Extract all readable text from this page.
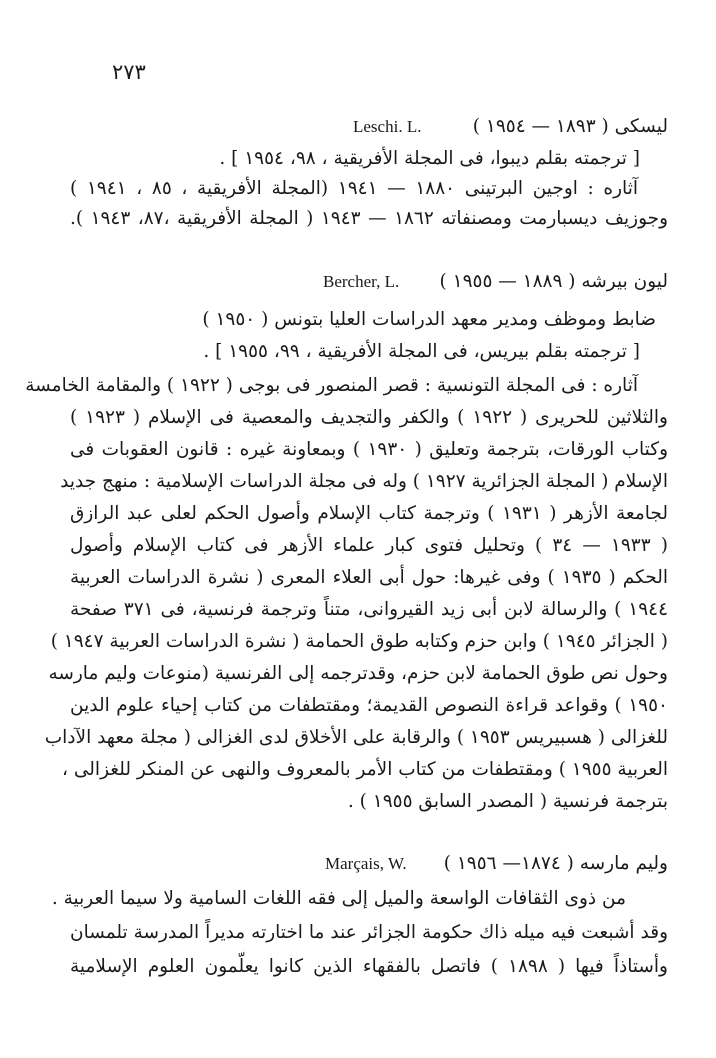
٢٧٣
ليسكى ( ١٨٩٣ — ١٩٥٤ )
Leschi. L.
[ ترجمته بقلم ديبوا، فى المجلة الأفريقية ، ٩٨، ١٩٥٤ ] .
آثاره : اوجين البرتينى ١٨٨٠ — ١٩٤١ (المجلة الأفريقية ، ٨٥ ، ١٩٤١ )
وجوزيف ديسبارمت ومصنفاته ١٨٦٢ — ١٩٤٣ ( المجلة الأفريقية ،٨٧، ١٩٤٣ ).
ليون بيرشه ( ١٨٨٩ — ١٩٥٥ )
Bercher, L.
ضابط وموظف ومدير معهد الدراسات العليا بتونس ( ١٩٥٠ )
[ ترجمته بقلم بيريس، فى المجلة الأفريقية ، ٩٩، ١٩٥٥ ] .
آثاره : فى المجلة التونسية : قصر المنصور فى بوجى ( ١٩٢٢ ) والمقامة الخامسة
والثلاثين للحريرى ( ١٩٢٢ ) والكفر والتجديف والمعصية فى الإسلام ( ١٩٢٣ )
وكتاب الورقات، بترجمة وتعليق ( ١٩٣٠ ) وبمعاونة غيره : قانون العقوبات فى
الإسلام ( المجلة الجزائرية ١٩٢٧ ) وله فى مجلة الدراسات الإسلامية : منهج جديد
لجامعة الأزهر ( ١٩٣١ ) وترجمة كتاب الإسلام وأصول الحكم لعلى عبد الرازق
( ١٩٣٣ — ٣٤ ) وتحليل فتوى كبار علماء الأزهر فى كتاب الإسلام وأصول
الحكم ( ١٩٣٥ ) وفى غيرها: حول أبى العلاء المعرى ( نشرة الدراسات العربية
١٩٤٤ ) والرسالة لابن أبى زيد القيروانى، متناً وترجمة فرنسية، فى ٣٧١ صفحة
( الجزائر ١٩٤٥ ) وابن حزم وكتابه طوق الحمامة ( نشرة الدراسات العربية ١٩٤٧ )
وحول نص طوق الحمامة لابن حزم، وقدترجمه إلى الفرنسية (منوعات وليم مارسه
١٩٥٠ ) وقواعد قراءة النصوص القديمة؛ ومقتطفات من كتاب إحياء علوم الدين
للغزالى ( هسبيريس ١٩٥٣ ) والرقابة على الأخلاق لدى الغزالى ( مجلة معهد الآداب
العربية ١٩٥٥ ) ومقتطفات من كتاب الأمر بالمعروف والنهى عن المنكر للغزالى ،
بترجمة فرنسية ( المصدر السابق ١٩٥٥ ) .
وليم مارسه ( ١٨٧٤— ١٩٥٦ )
Marçais, W.
من ذوى الثقافات الواسعة والميل إلى فقه اللغات السامية ولا سيما العربية .
وقد أشبعت فيه ميله ذاك حكومة الجزائر عند ما اختارته مديراً المدرسة تلمسان
وأستاذاً فيها ( ١٨٩٨ ) فاتصل بالفقهاء الذين كانوا يعلّمون العلوم الإسلامية
